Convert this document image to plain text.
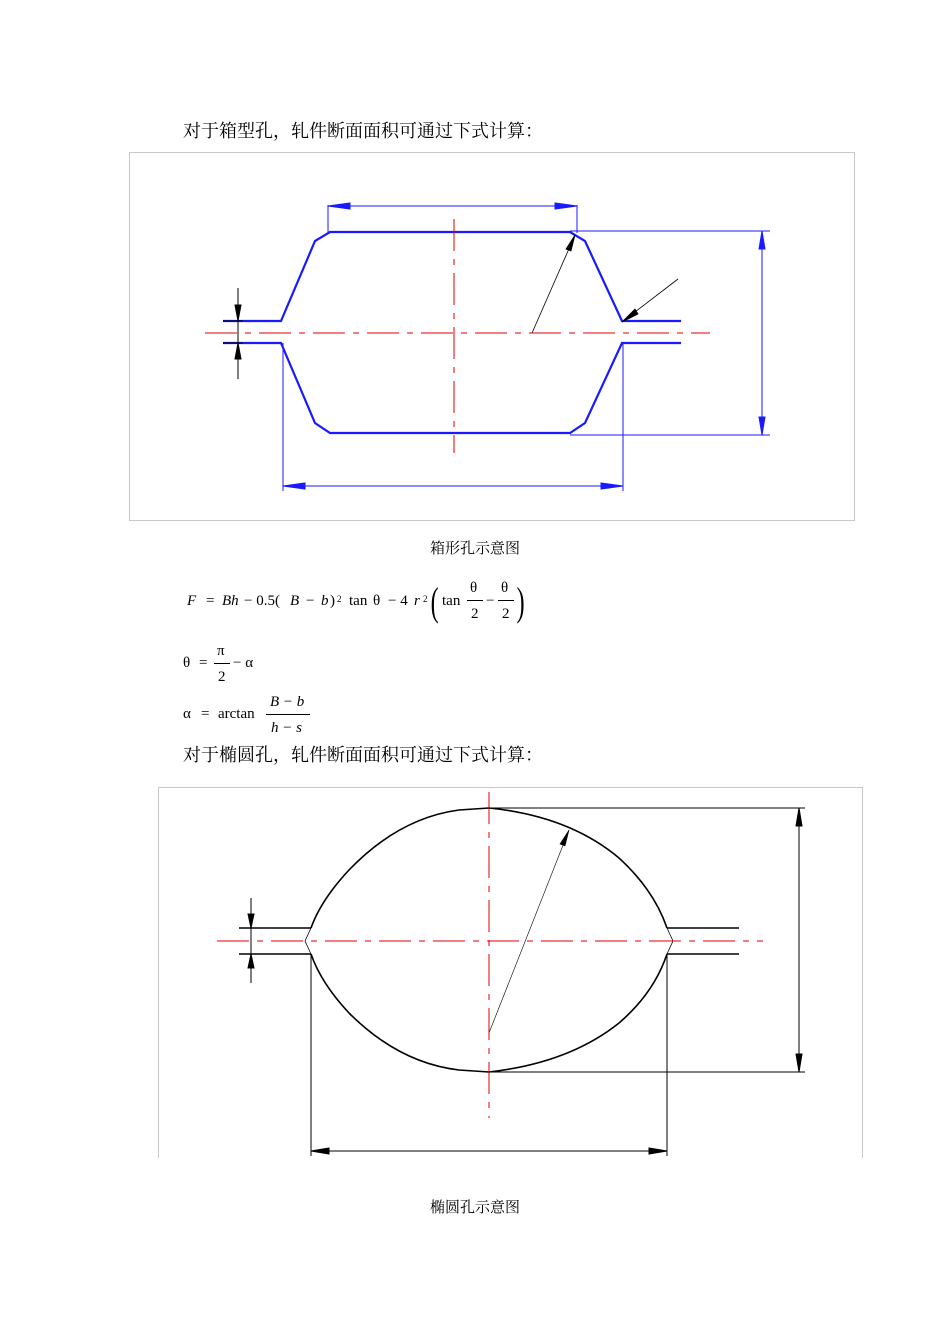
对于箱型孔，轧件断面面积可通过下式计算：
箱形孔示意图
F = Bh − 0.5( B − b ) 2 tan θ − 4 r 2 ( tan
θ
2
−
θ
2 )
θ =
π
2
− α
α = arctan
B − b
h − s
对于椭圆孔，轧件断面面积可通过下式计算：
椭圆孔示意图
